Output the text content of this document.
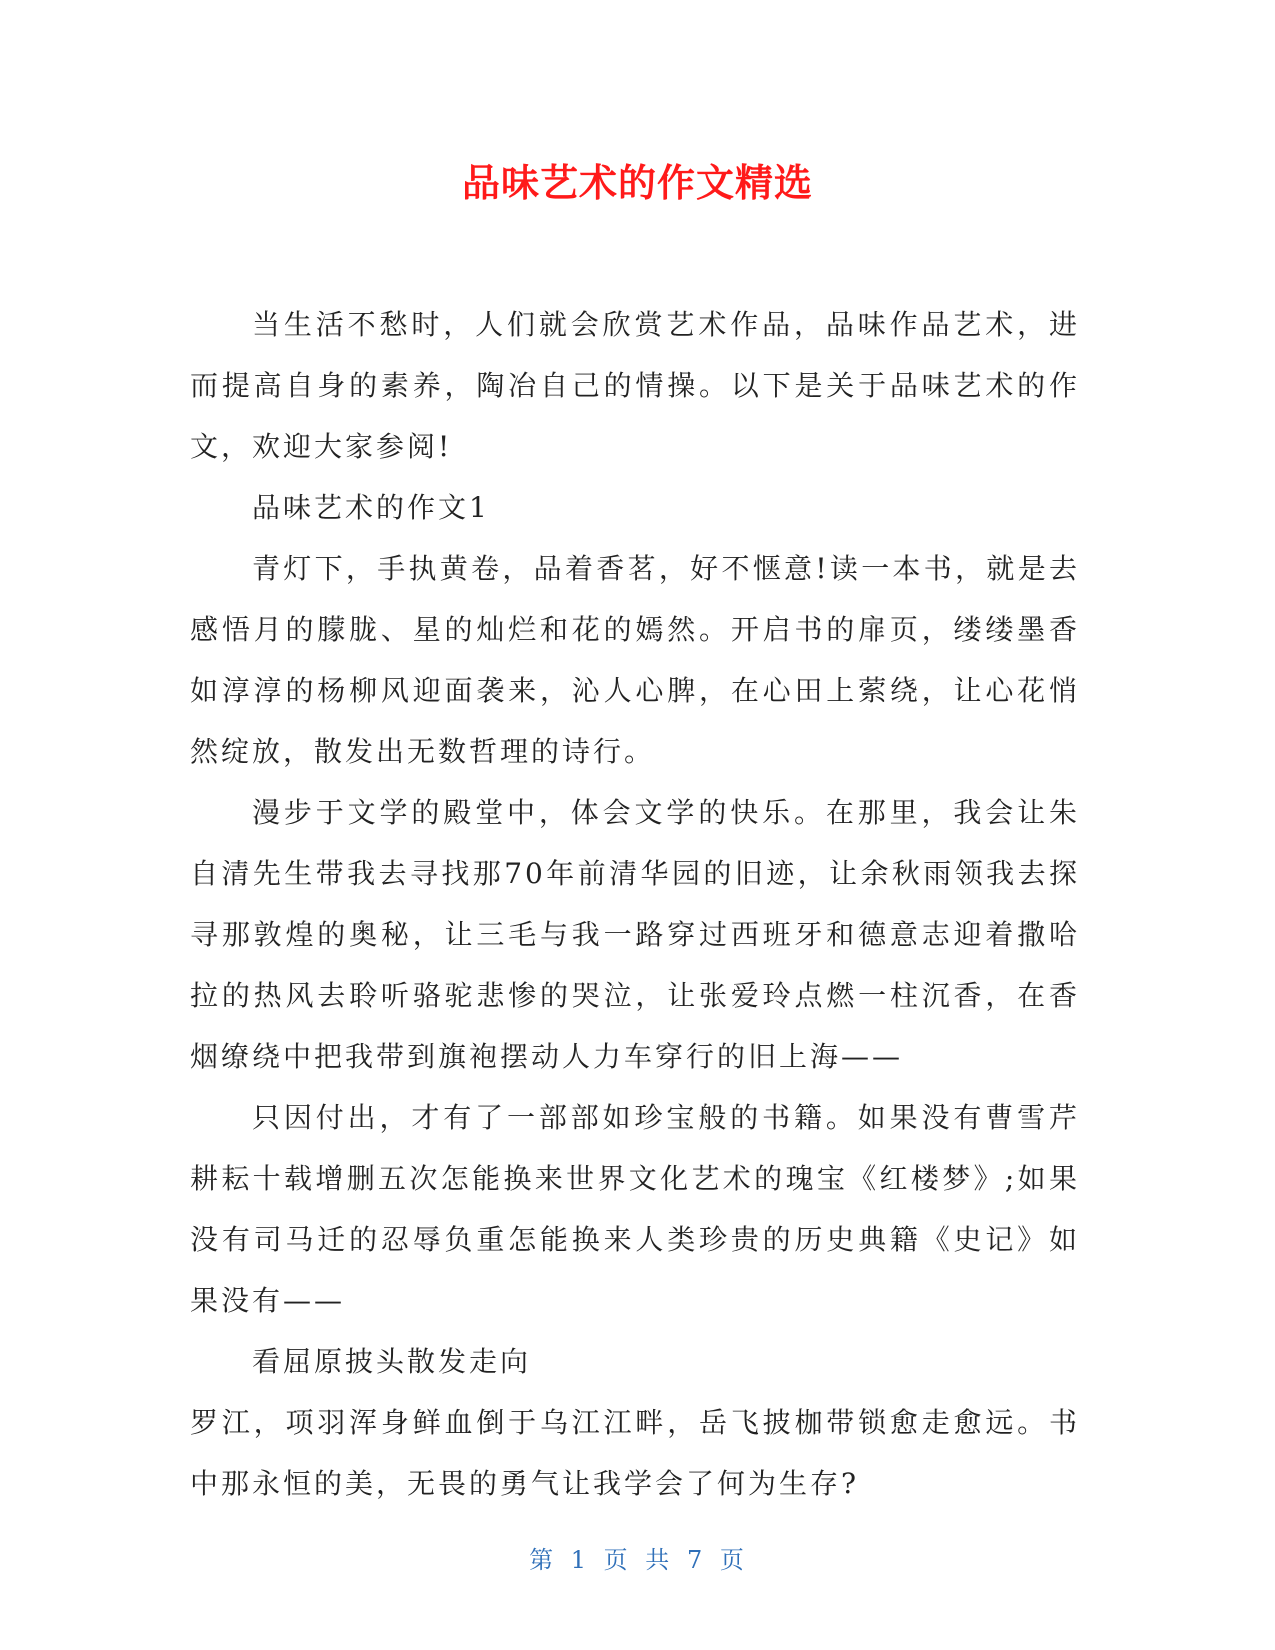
品味艺术的作文精选

当生活不愁时，人们就会欣赏艺术作品，品味作品艺术，进而提高自身的素养，陶冶自己的情操。以下是关于品味艺术的作文，欢迎大家参阅!

品味艺术的作文1

青灯下，手执黄卷，品着香茗，好不惬意!读一本书，就是去感悟月的朦胧、星的灿烂和花的嫣然。开启书的扉页，缕缕墨香如淳淳的杨柳风迎面袭来，沁人心脾，在心田上萦绕，让心花悄然绽放，散发出无数哲理的诗行。

漫步于文学的殿堂中，体会文学的快乐。在那里，我会让朱自清先生带我去寻找那70年前清华园的旧迹，让余秋雨领我去探寻那敦煌的奥秘，让三毛与我一路穿过西班牙和德意志迎着撒哈拉的热风去聆听骆驼悲惨的哭泣，让张爱玲点燃一柱沉香，在香烟缭绕中把我带到旗袍摆动人力车穿行的旧上海——

只因付出，才有了一部部如珍宝般的书籍。如果没有曹雪芹耕耘十载增删五次怎能换来世界文化艺术的瑰宝《红楼梦》;如果没有司马迁的忍辱负重怎能换来人类珍贵的历史典籍《史记》如果没有——

看屈原披头散发走向

罗江，项羽浑身鲜血倒于乌江江畔，岳飞披枷带锁愈走愈远。书中那永恒的美，无畏的勇气让我学会了何为生存?

第 1 页 共 7 页
